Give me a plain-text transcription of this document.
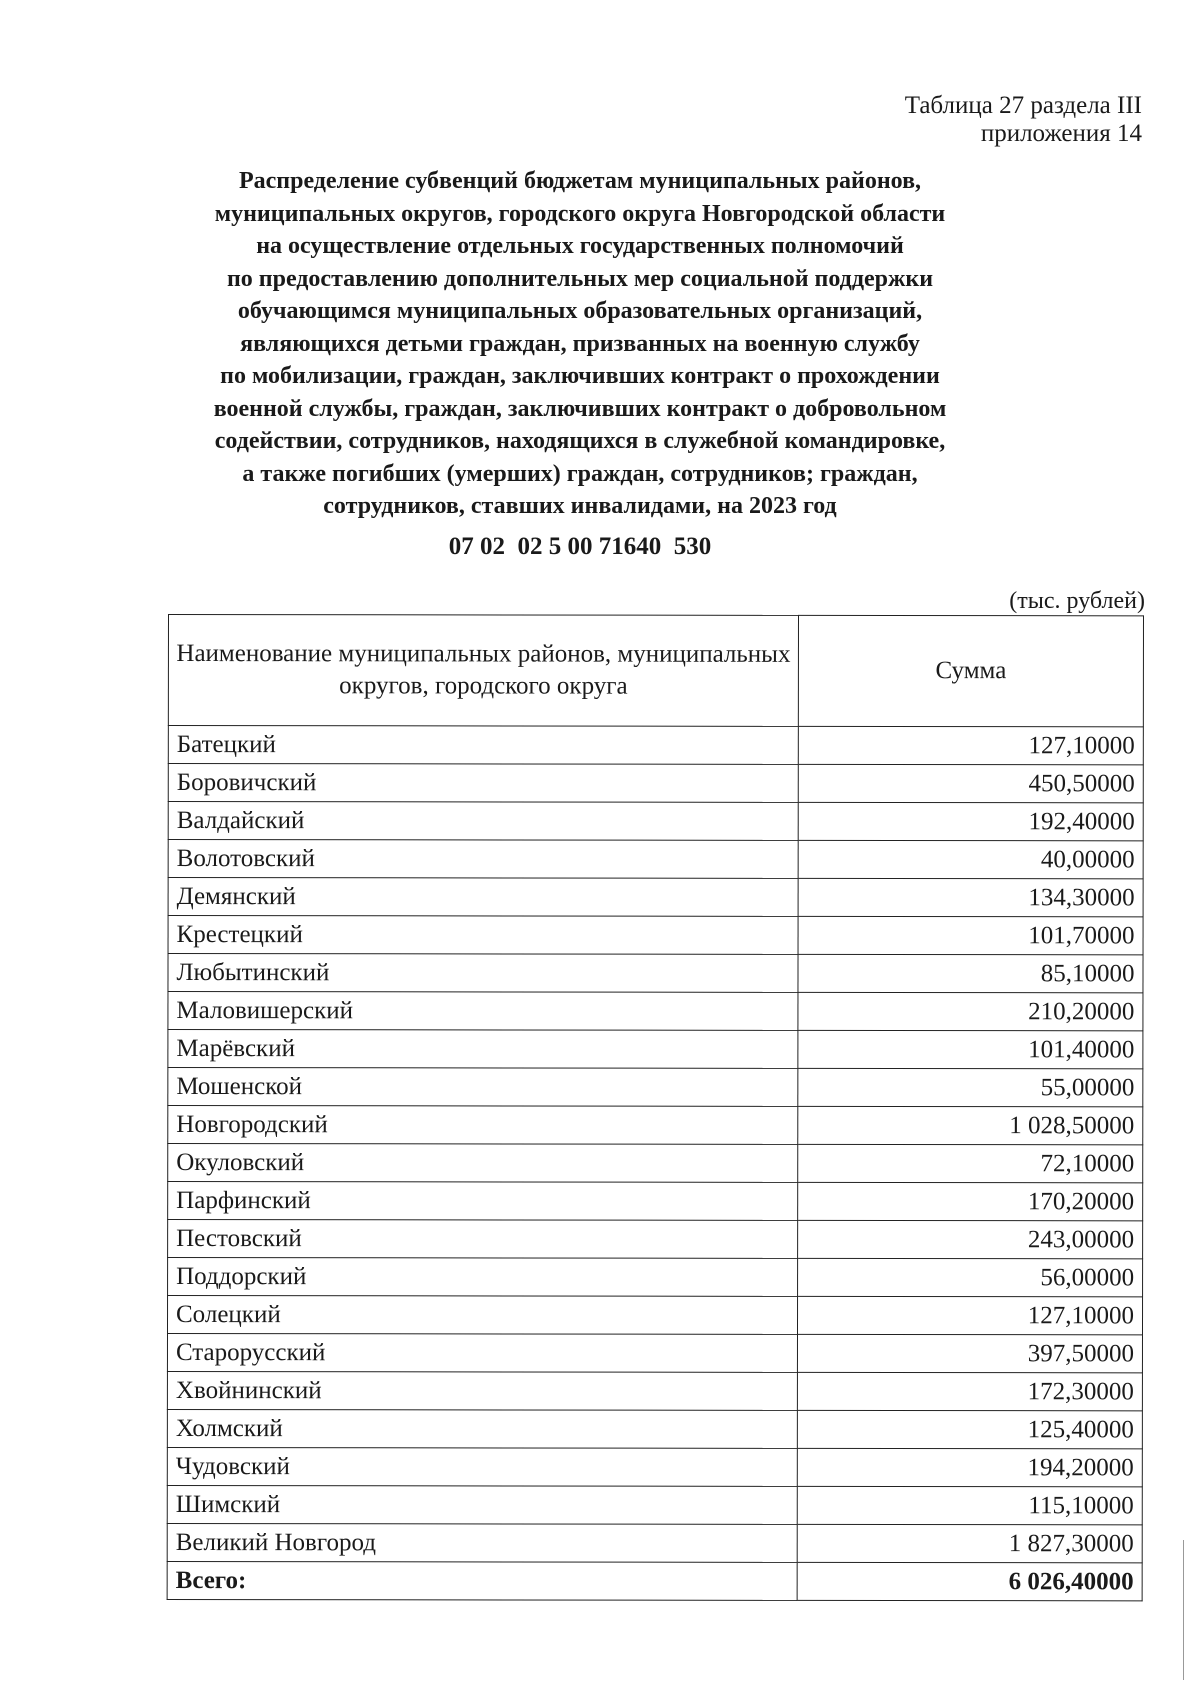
Таблица 27 раздела III
приложения 14
Распределение субвенций бюджетам муниципальных районов,
муниципальных округов, городского округа Новгородской области
на осуществление отдельных государственных полномочий
по предоставлению дополнительных мер социальной поддержки
обучающимся муниципальных образовательных организаций,
являющихся детьми граждан, призванных на военную службу
по мобилизации, граждан, заключивших контракт о прохождении
военной службы, граждан, заключивших контракт о добровольном
содействии, сотрудников, находящихся в служебной командировке,
а также погибших (умерших) граждан, сотрудников; граждан,
сотрудников, ставших инвалидами, на 2023 год
07 02  02 5 00 71640  530
(тыс. рублей)
Наименование муниципальных районов, муниципальных округов, городского округа	Сумма
Батецкий	127,10000
Боровичский	450,50000
Валдайский	192,40000
Волотовский	40,00000
Демянский	134,30000
Крестецкий	101,70000
Любытинский	85,10000
Маловишерский	210,20000
Марёвский	101,40000
Мошенской	55,00000
Новгородский	1 028,50000
Окуловский	72,10000
Парфинский	170,20000
Пестовский	243,00000
Поддорский	56,00000
Солецкий	127,10000
Старорусский	397,50000
Хвойнинский	172,30000
Холмский	125,40000
Чудовский	194,20000
Шимский	115,10000
Великий Новгород	1 827,30000
Всего:	6 026,40000
